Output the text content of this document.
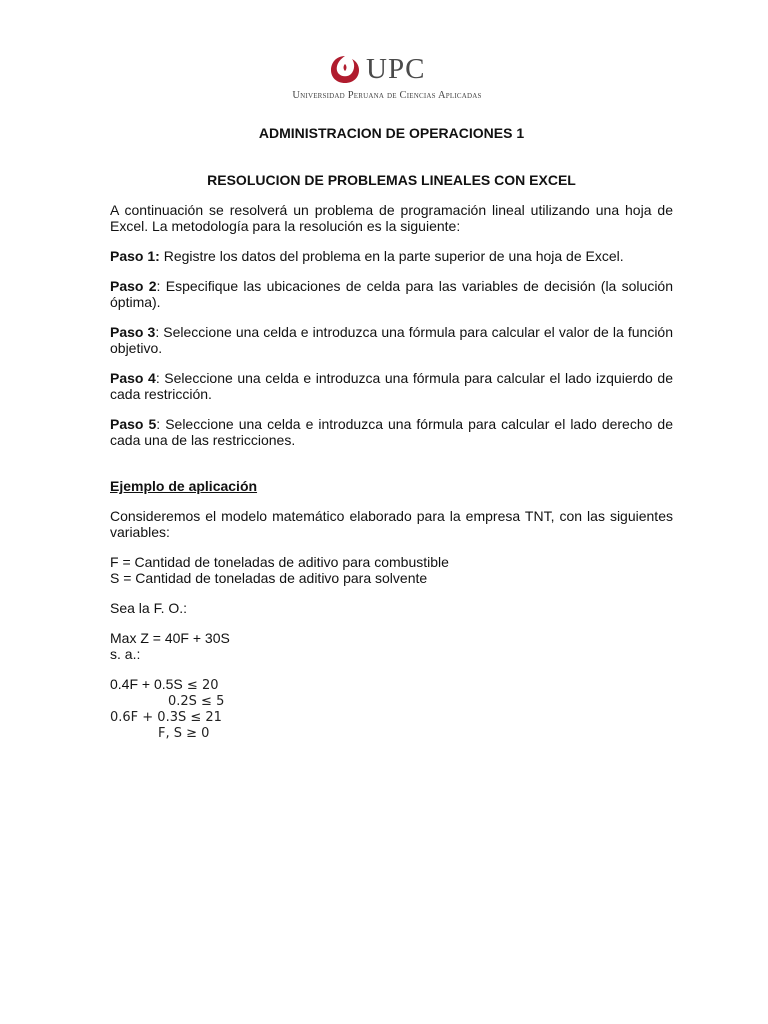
UPC
Universidad Peruana de Ciencias Aplicadas
ADMINISTRACION DE OPERACIONES 1
RESOLUCION DE PROBLEMAS LINEALES CON EXCEL
A continuación se resolverá un problema de programación lineal utilizando una hoja de Excel. La metodología para la resolución es la siguiente:
Paso 1: Registre los datos del problema en la parte superior de una hoja de Excel.
Paso 2: Especifique las ubicaciones de celda para las variables de decisión (la solución óptima).
Paso 3: Seleccione una celda e introduzca una fórmula para calcular el valor de la función objetivo.
Paso 4: Seleccione una celda e introduzca una fórmula para calcular el lado izquierdo de cada restricción.
Paso 5: Seleccione una celda e introduzca una fórmula para calcular el lado derecho de cada una de las restricciones.
Ejemplo de aplicación
Consideremos el modelo matemático elaborado para la empresa TNT, con las siguientes variables:
F = Cantidad de toneladas de aditivo para combustible
S = Cantidad de toneladas de aditivo para solvente
Sea la F. O.:
Max Z = 40F + 30S
s. a.:
0.4F + 0.5S ≤ 20
0.2S ≤ 5
0.6F + 0.3S ≤ 21
F, S ≥ 0
